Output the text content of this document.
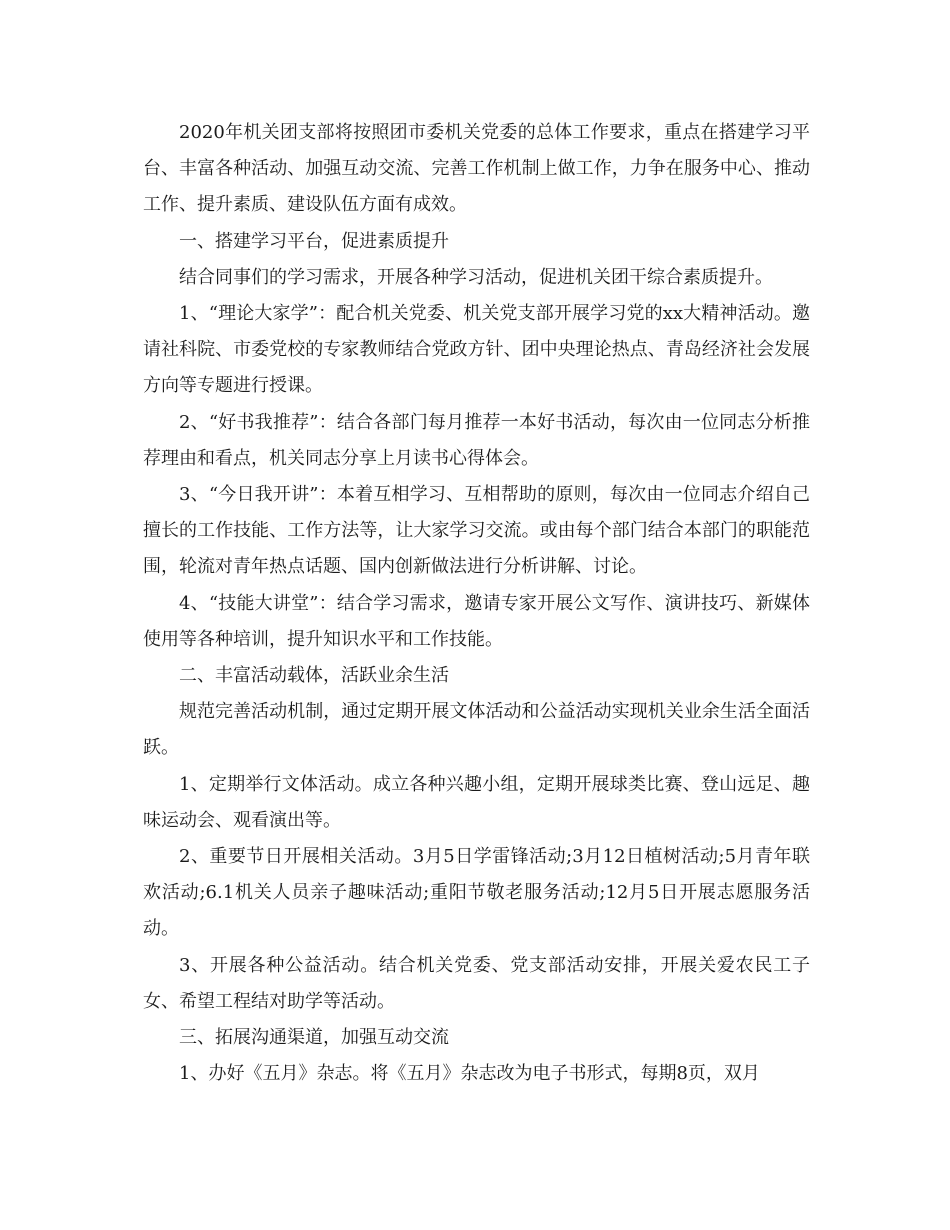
2020年机关团支部将按照团市委机关党委的总体工作要求，重点在搭建学习平台、丰富各种活动、加强互动交流、完善工作机制上做工作，力争在服务中心、推动工作、提升素质、建设队伍方面有成效。

一、搭建学习平台，促进素质提升

结合同事们的学习需求，开展各种学习活动，促进机关团干综合素质提升。

1、“理论大家学”：配合机关党委、机关党支部开展学习党的xx大精神活动。邀请社科院、市委党校的专家教师结合党政方针、团中央理论热点、青岛经济社会发展方向等专题进行授课。

2、“好书我推荐”：结合各部门每月推荐一本好书活动，每次由一位同志分析推荐理由和看点，机关同志分享上月读书心得体会。

3、“今日我开讲”：本着互相学习、互相帮助的原则，每次由一位同志介绍自己擅长的工作技能、工作方法等，让大家学习交流。或由每个部门结合本部门的职能范围，轮流对青年热点话题、国内创新做法进行分析讲解、讨论。

4、“技能大讲堂”：结合学习需求，邀请专家开展公文写作、演讲技巧、新媒体使用等各种培训，提升知识水平和工作技能。

二、丰富活动载体，活跃业余生活

规范完善活动机制，通过定期开展文体活动和公益活动实现机关业余生活全面活跃。

1、定期举行文体活动。成立各种兴趣小组，定期开展球类比赛、登山远足、趣味运动会、观看演出等。

2、重要节日开展相关活动。3月5日学雷锋活动;3月12日植树活动;5月青年联欢活动;6.1机关人员亲子趣味活动;重阳节敬老服务活动;12月5日开展志愿服务活动。

3、开展各种公益活动。结合机关党委、党支部活动安排，开展关爱农民工子女、希望工程结对助学等活动。

三、拓展沟通渠道，加强互动交流

1、办好《五月》杂志。将《五月》杂志改为电子书形式，每期8页，双月
